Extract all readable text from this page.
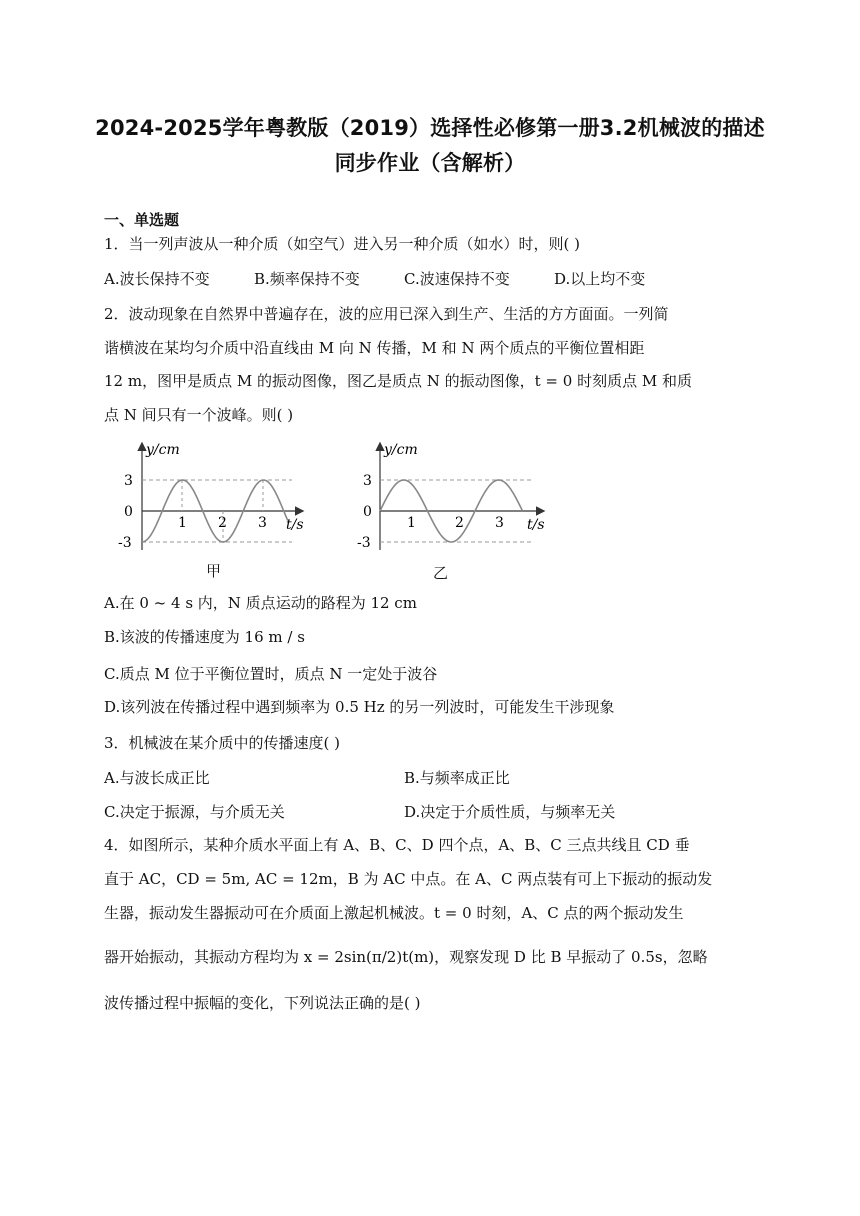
2024-2025学年粤教版（2019）选择性必修第一册3.2机械波的描述
同步作业（含解析）
一、单选题
1．当一列声波从一种介质（如空气）进入另一种介质（如水）时，则( )
A.波长保持不变	B.频率保持不变	C.波速保持不变	D.以上均不变
2．波动现象在自然界中普遍存在，波的应用已深入到生产、生活的方方面面。一列简
谐横波在某均匀介质中沿直线由 M 向 N 传播，M 和 N 两个质点的平衡位置相距
12 m，图甲是质点 M 的振动图像，图乙是质点 N 的振动图像，t = 0 时刻质点 M 和质
点 N 间只有一个波峰。则( )
y/cm
t/s
3
0
-3
1 2 3
甲
y/cm
t/s
3
0
-3
1	2 3
乙
A.在 0 ~ 4 s 内，N 质点运动的路程为 12 cm
B.该波的传播速度为 16 m / s
C.质点 M 位于平衡位置时，质点 N 一定处于波谷
D.该列波在传播过程中遇到频率为 0.5 Hz 的另一列波时，可能发生干涉现象
3．机械波在某介质中的传播速度( )
A.与波长成正比	B.与频率成正比
C.决定于振源，与介质无关	D.决定于介质性质，与频率无关
4．如图所示，某种介质水平面上有 A、B、C、D 四个点，A、B、C 三点共线且 CD 垂
直于 AC，CD = 5m, AC = 12m，B 为 AC 中点。在 A、C 两点装有可上下振动的振动发
生器，振动发生器振动可在介质面上激起机械波。t = 0 时刻，A、C 点的两个振动发生
器开始振动，其振动方程均为 x = 2sin(π/2)t(m)，观察发现 D 比 B 早振动了 0.5s，忽略
波传播过程中振幅的变化，下列说法正确的是( )
